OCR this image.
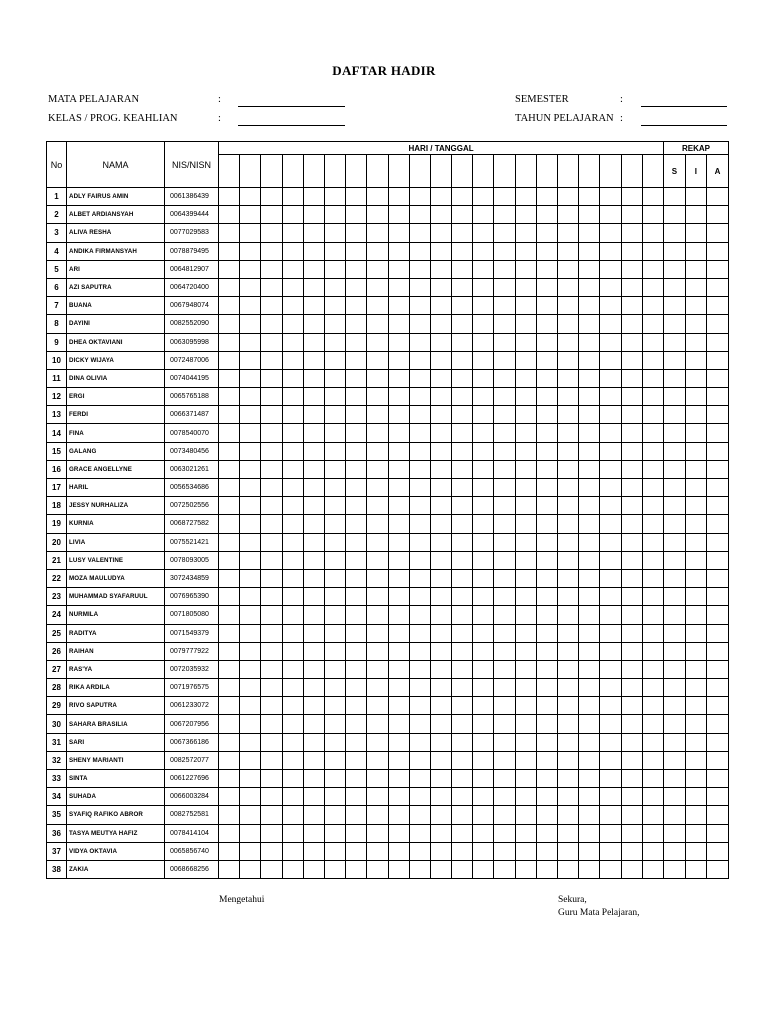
DAFTAR HADIR
MATA PELAJARAN	:
KELAS / PROG. KEAHLIAN	:
SEMESTER	:
TAHUN PELAJARAN :
No	NAMA	NIS/NISN	HARI / TANGGAL																					REKAP		
																								S	I	A
1	ADLY FAIRUS AMIN	0061386439																								
2	ALBET ARDIANSYAH	0064399444																								
3	ALIVA RESHA	0077029583																								
4	ANDIKA FIRMANSYAH	0078879495																								
5	ARI	0064812907																								
6	AZI SAPUTRA	0064720400																								
7	BUANA	0067948074																								
8	DAYINI	0082552090																								
9	DHEA OKTAVIANI	0063095998																								
10	DICKY WIJAYA	0072487006																								
11	DINA OLIVIA	0074044195																								
12	ERGI	0065765188																								
13	FERDI	0066371487																								
14	FINA	0078540070																								
15	GALANG	0073480456																								
16	GRACE ANGELLYNE	0063021261																								
17	HARIL	0056534686																								
18	JESSY NURHALIZA	0072502556																								
19	KURNIA	0068727582																								
20	LIVIA	0075521421																								
21	LUSY VALENTINE	0078093005																								
22	MOZA MAULUDYA	3072434859																								
23	MUHAMMAD SYAFARUUL	0076965390																								
24	NURMILA	0071805080																								
25	RADITYA	0071549379																								
26	RAIHAN	0079777922																								
27	RAS'YA	0072035932																								
28	RIKA ARDILA	0071976575																								
29	RIVO SAPUTRA	0061233072																								
30	SAHARA BRASILIA	0067207956																								
31	SARI	0067366186																								
32	SHENY MARIANTI	0082572077																								
33	SINTA	0061227696																								
34	SUHADA	0066003284																								
35	SYAFIQ RAFIKO ABROR	0082752581																								
36	TASYA MEUTYA HAFIZ	0078414104																								
37	VIDYA OKTAVIA	0065856740																								
38	ZAKIA	0068668256																								
Mengetahui	Sekura,
Guru Mata Pelajaran,
